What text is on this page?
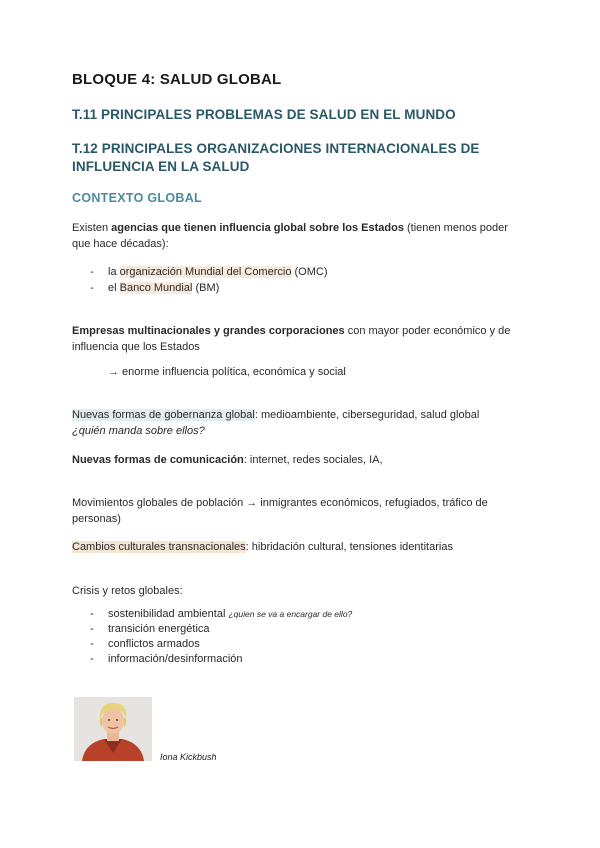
BLOQUE 4: SALUD GLOBAL
T.11 PRINCIPALES PROBLEMAS DE SALUD EN EL MUNDO
T.12 PRINCIPALES ORGANIZACIONES INTERNACIONALES DE
INFLUENCIA EN LA SALUD
CONTEXTO GLOBAL
Existen agencias que tienen influencia global sobre los Estados (tienen menos poder
que hace décadas):
- la organización Mundial del Comercio (OMC)
- el Banco Mundial (BM)
Empresas multinacionales y grandes corporaciones con mayor poder económico y de
influencia que los Estados
→ enorme influencia política, económica y social
Nuevas formas de gobernanza global: medioambiente, ciberseguridad, salud global
¿quién manda sobre ellos?
Nuevas formas de comunicación: internet, redes sociales, IA,
Movimientos globales de población → inmigrantes económicos, refugiados, tráfico de
personas)
Cambios culturales transnacionales: hibridación cultural, tensiones identitarias
Crisis y retos globales:
- sostenibilidad ambiental ¿quien se va a encargar de ello?
- transición energética
- conflictos armados
- información/desinformación
Iona Kickbush
